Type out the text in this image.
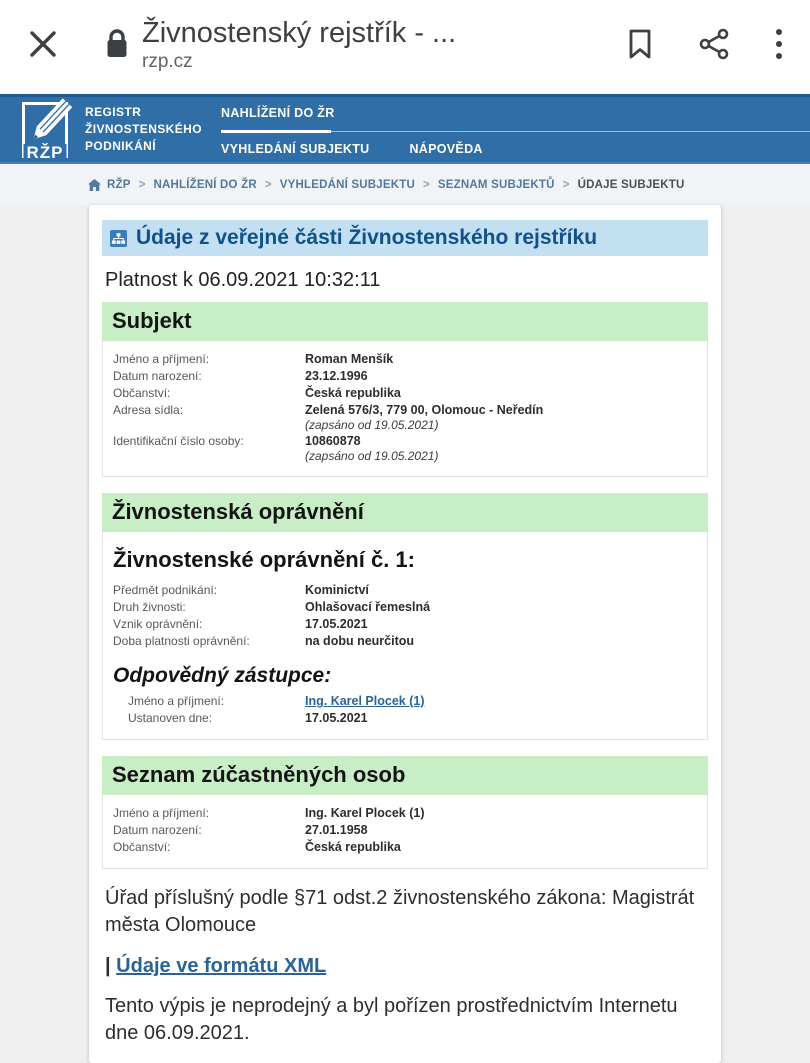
Živnostenský rejstřík - ...
rzp.cz
RŽP
REGISTR
ŽIVNOSTENSKÉHO
PODNIKÁNÍ
NAHLÍŽENÍ DO ŽR
VYHLEDÁNÍ SUBJEKTU	NÁPOVĚDA
RŽP > NAHLÍŽENÍ DO ŽR > VYHLEDÁNÍ SUBJEKTU > SEZNAM SUBJEKTŮ > ÚDAJE SUBJEKTU
Údaje z veřejné části Živnostenského rejstříku
Platnost k 06.09.2021 10:32:11
Subjekt
Jméno a příjmení:	Roman Menšík
Datum narození:	23.12.1996
Občanství:	Česká republika
Adresa sídla:	Zelená 576/3, 779 00, Olomouc - Neředín
(zapsáno od 19.05.2021)
Identifikační číslo osoby:	10860878
(zapsáno od 19.05.2021)
Živnostenská oprávnění
Živnostenské oprávnění č. 1:
Předmět podnikání:	Kominictví
Druh živnosti:	Ohlašovací řemeslná
Vznik oprávnění:	17.05.2021
Doba platnosti oprávnění:	na dobu neurčitou
Odpovědný zástupce:
Jméno a příjmení:	Ing. Karel Plocek (1)
Ustanoven dne:	17.05.2021
Seznam zúčastněných osob
Jméno a příjmení:	Ing. Karel Plocek (1)
Datum narození:	27.01.1958
Občanství:	Česká republika
Úřad příslušný podle §71 odst.2 živnostenského zákona: Magistrát města Olomouce
| Údaje ve formátu XML
Tento výpis je neprodejný a byl pořízen prostřednictvím Internetu dne 06.09.2021.
